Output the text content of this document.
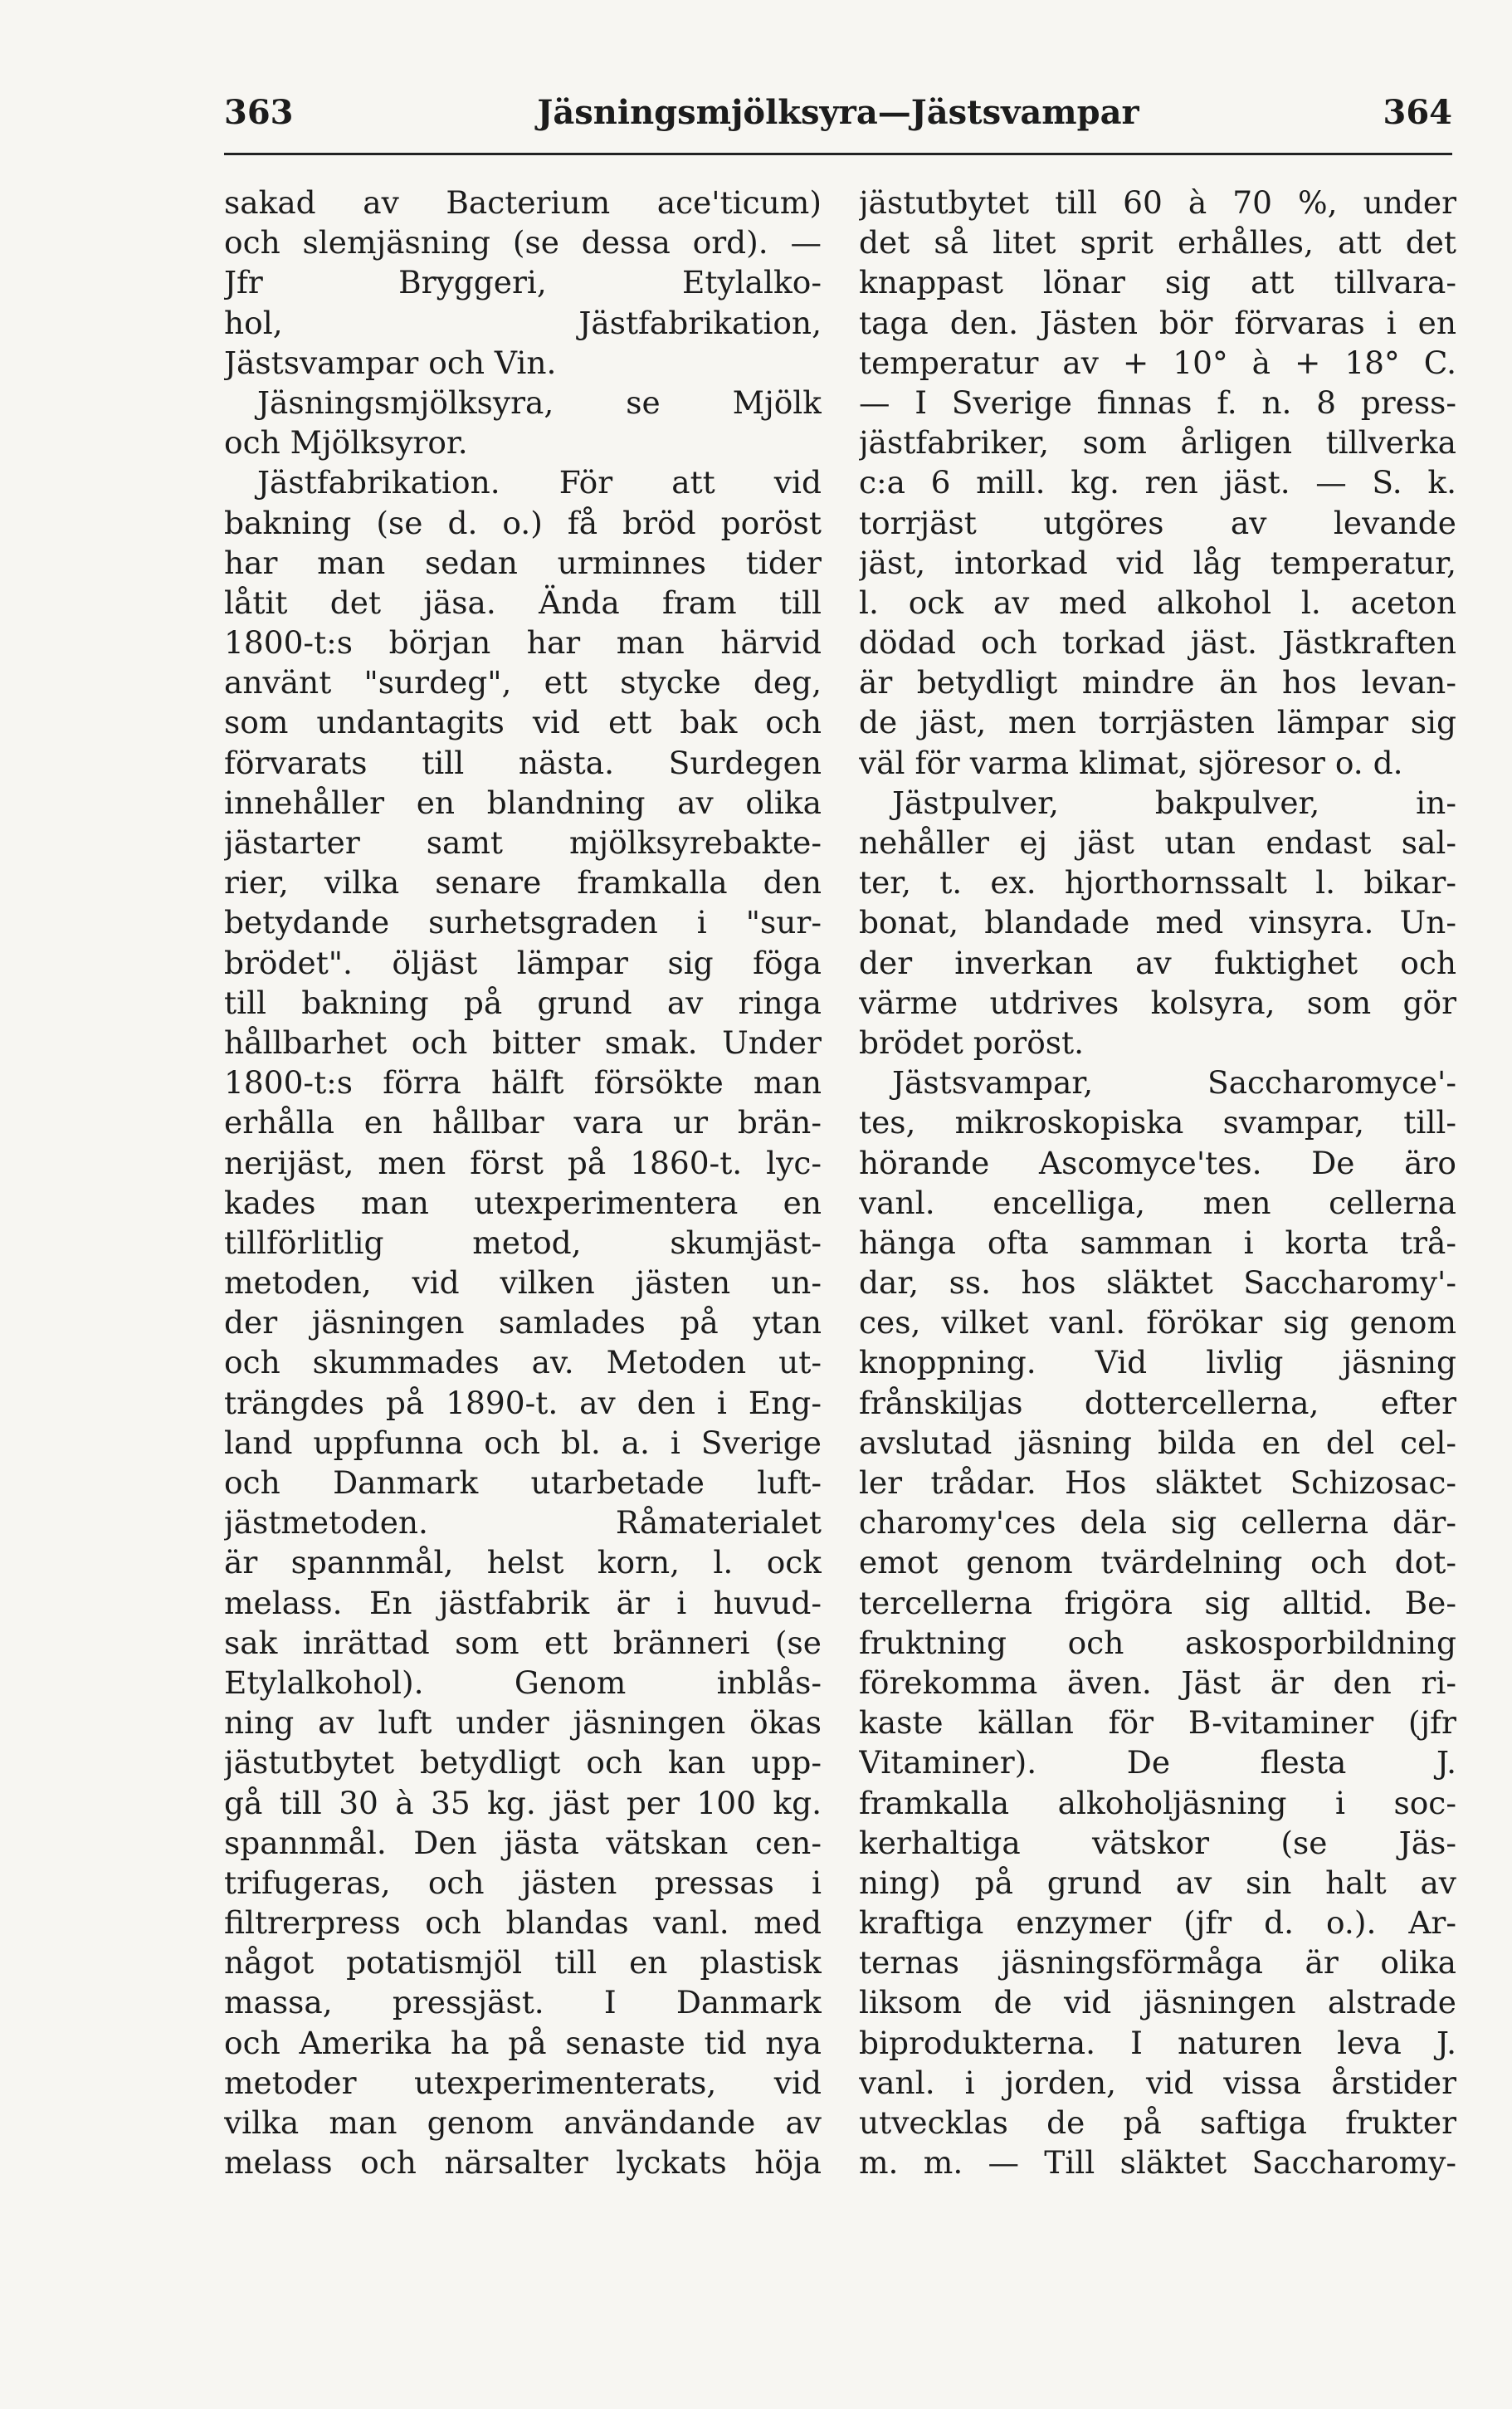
363	Jäsningsmjölksyra—Jästsvampar	364
sakad av Bacterium ace'ticum)
och slemjäsning (se dessa ord). —
Jfr Bryggeri, Etylalko-
hol, Jästfabrikation,
Jästsvampar och Vin.
Jäsningsmjölksyra, se Mjölk
och Mjölksyror.
Jästfabrikation. För att vid
bakning (se d. o.) få bröd poröst
har man sedan urminnes tider
låtit det jäsa. Ända fram till
1800-t:s början har man härvid
använt "surdeg", ett stycke deg,
som undantagits vid ett bak och
förvarats till nästa. Surdegen
innehåller en blandning av olika
jästarter samt mjölksyrebakte-
rier, vilka senare framkalla den
betydande surhetsgraden i "sur-
brödet". öljäst lämpar sig föga
till bakning på grund av ringa
hållbarhet och bitter smak. Under
1800-t:s förra hälft försökte man
erhålla en hållbar vara ur brän-
nerijäst, men först på 1860-t. lyc-
kades man utexperimentera en
tillförlitlig metod, skumjäst-
metoden, vid vilken jästen un-
der jäsningen samlades på ytan
och skummades av. Metoden ut-
trängdes på 1890-t. av den i Eng-
land uppfunna och bl. a. i Sverige
och Danmark utarbetade luft-
jästmetoden. Råmaterialet
är spannmål, helst korn, l. ock
melass. En jästfabrik är i huvud-
sak inrättad som ett bränneri (se
Etylalkohol). Genom inblås-
ning av luft under jäsningen ökas
jästutbytet betydligt och kan upp-
gå till 30 à 35 kg. jäst per 100 kg.
spannmål. Den jästa vätskan cen-
trifugeras, och jästen pressas i
filtrerpress och blandas vanl. med
något potatismjöl till en plastisk
massa, pressjäst. I Danmark
och Amerika ha på senaste tid nya
metoder utexperimenterats, vid
vilka man genom användande av
melass och närsalter lyckats höja
jästutbytet till 60 à 70 %, under
det så litet sprit erhålles, att det
knappast lönar sig att tillvara-
taga den. Jästen bör förvaras i en
temperatur av + 10° à + 18° C.
— I Sverige finnas f. n. 8 press-
jästfabriker, som årligen tillverka
c:a 6 mill. kg. ren jäst. — S. k.
torrjäst utgöres av levande
jäst, intorkad vid låg temperatur,
l. ock av med alkohol l. aceton
dödad och torkad jäst. Jästkraften
är betydligt mindre än hos levan-
de jäst, men torrjästen lämpar sig
väl för varma klimat, sjöresor o. d.
Jästpulver, bakpulver, in-
nehåller ej jäst utan endast sal-
ter, t. ex. hjorthornssalt l. bikar-
bonat, blandade med vinsyra. Un-
der inverkan av fuktighet och
värme utdrives kolsyra, som gör
brödet poröst.
Jästsvampar, Saccharomyce'-
tes, mikroskopiska svampar, till-
hörande Ascomyce'tes. De äro
vanl. encelliga, men cellerna
hänga ofta samman i korta trå-
dar, ss. hos släktet Saccharomy'-
ces, vilket vanl. förökar sig genom
knoppning. Vid livlig jäsning
frånskiljas dottercellerna, efter
avslutad jäsning bilda en del cel-
ler trådar. Hos släktet Schizosac-
charomy'ces dela sig cellerna där-
emot genom tvärdelning och dot-
tercellerna frigöra sig alltid. Be-
fruktning och askosporbildning
förekomma även. Jäst är den ri-
kaste källan för B-vitaminer (jfr
Vitaminer). De flesta J.
framkalla alkoholjäsning i soc-
kerhaltiga vätskor (se Jäs-
ning) på grund av sin halt av
kraftiga enzymer (jfr d. o.). Ar-
ternas jäsningsförmåga är olika
liksom de vid jäsningen alstrade
biprodukterna. I naturen leva J.
vanl. i jorden, vid vissa årstider
utvecklas de på saftiga frukter
m. m. — Till släktet Saccharomy-
